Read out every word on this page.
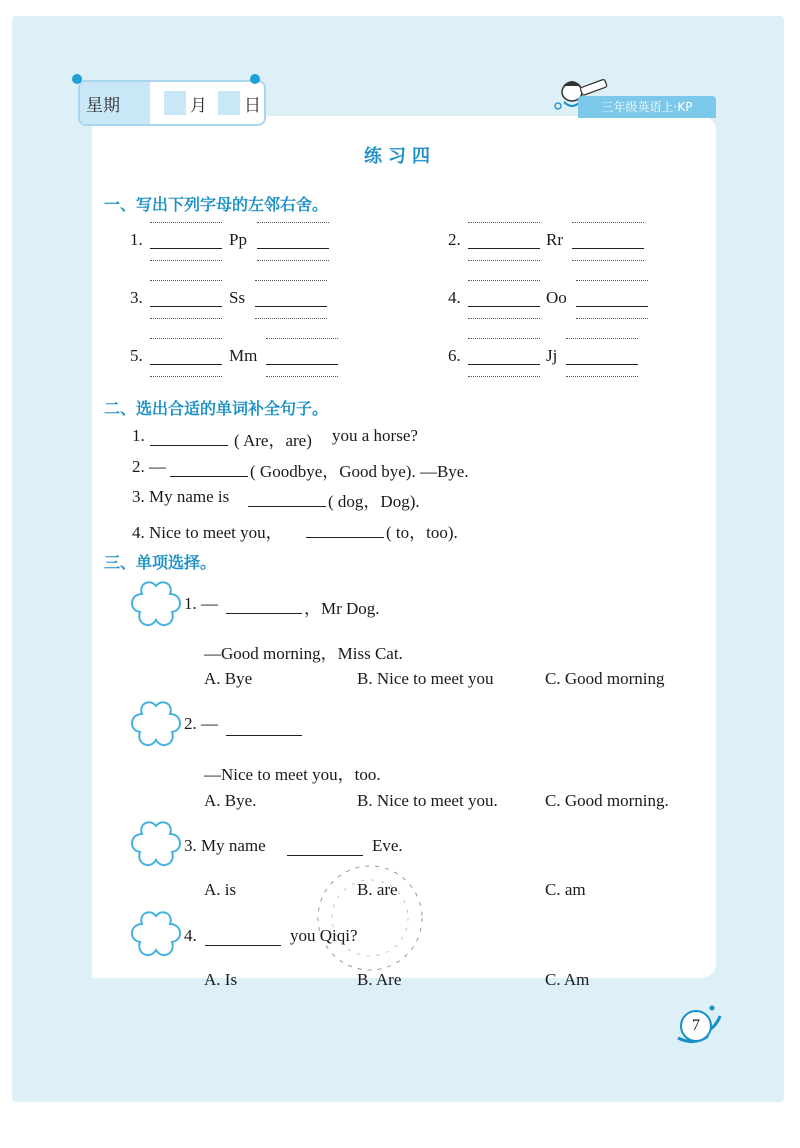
星期	月 日	三年级英语上·KP
练习四
一、写出下列字母的左邻右舍。
1.	Pp	2.	Rr
3.	Ss	4.	Oo
5.	Mm	6.	Jj
二、选出合适的单词补全句子。
1.	( Are，are) you a horse?
2. —	( Goodbye，Good bye). —Bye.
3. My name is	( dog，Dog).
4. Nice to meet you，	( to，too).
三、单项选择。
1. —	，Mr Dog.
—Good morning，Miss Cat.
A. Bye	B. Nice to meet you	C. Good morning
2. —
—Nice to meet you，too.
A. Bye.	B. Nice to meet you.	C. Good morning.
3. My name	Eve.
A. is	B. are	C. am
4.	you Qiqi?
A. Is	B. Are	C. Am
7
